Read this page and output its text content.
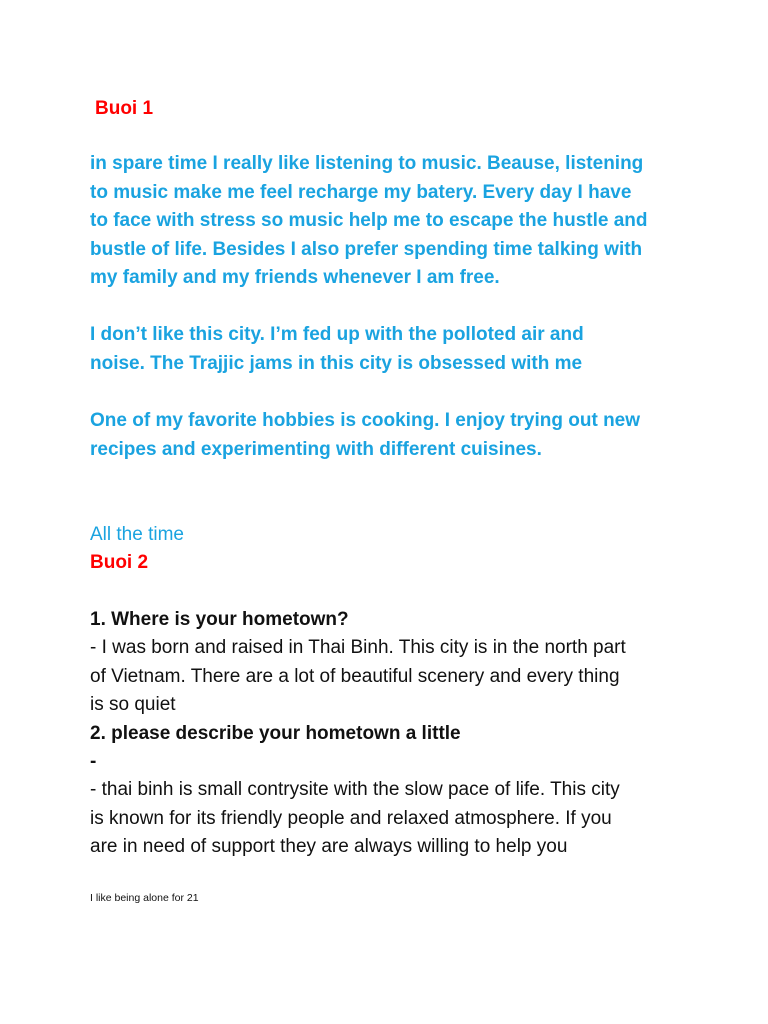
Buoi 1

in spare time I really like listening to music. Beause, listening
to music make me feel recharge my batery. Every day I have
to face with stress so music help me to escape the hustle and
bustle of life. Besides I also prefer spending time talking with
my family and my friends whenever I am free.

I don’t like this city. I’m fed up with the polloted air and
noise. The Trajjic jams in this city is obsessed with me

One of my favorite hobbies is cooking. I enjoy trying out new
recipes and experimenting with different cuisines.

All the time

Buoi 2

1. Where is your hometown?

- I was born and raised in Thai Binh. This city is in the north part
of Vietnam. There are a lot of beautiful scenery and every thing
is so quiet

2. please describe your hometown a little

-

- thai binh is small contrysite with the slow pace of life. This city
is known for its friendly people and relaxed atmosphere. If you
are in need of support they are always willing to help you

I like being alone for 21
